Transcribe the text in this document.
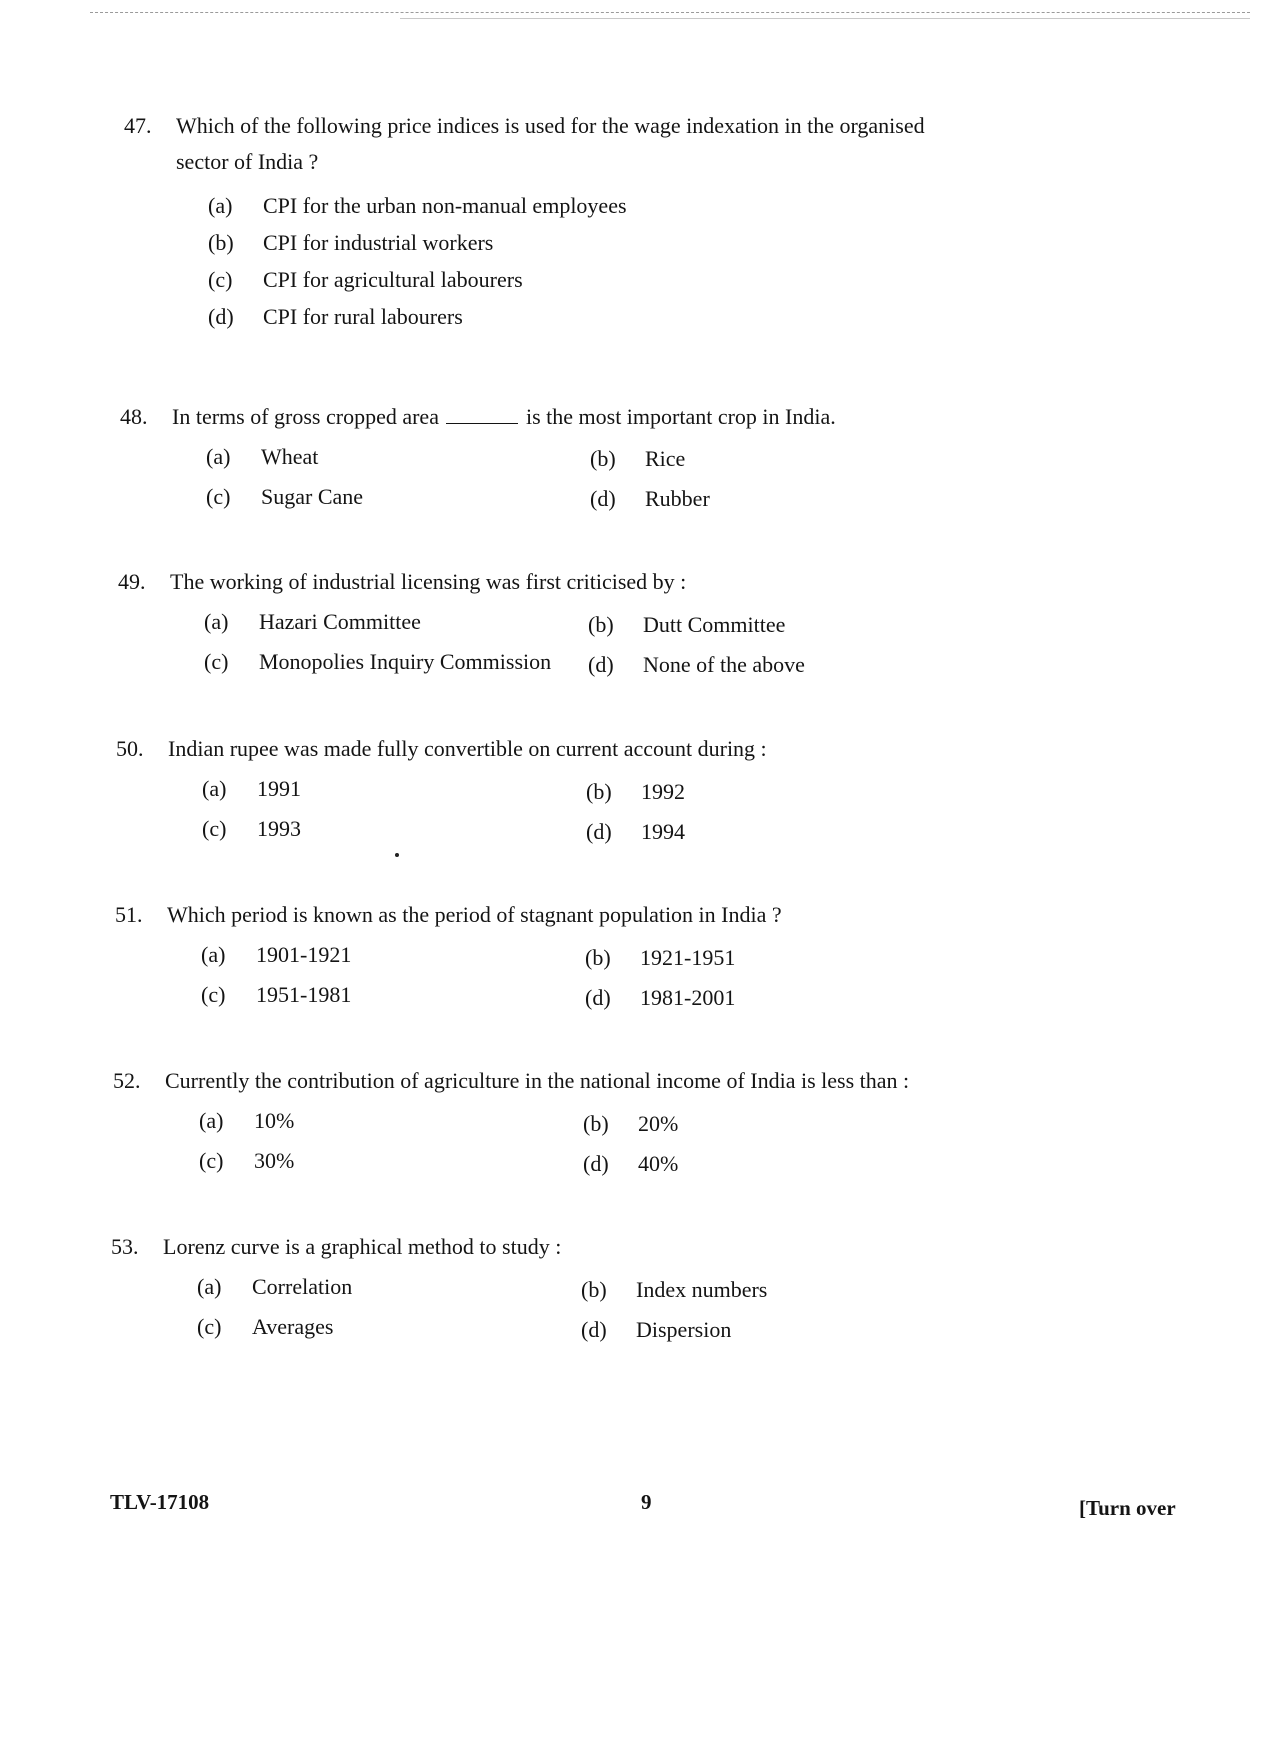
47.	Which of the following price indices is used for the wage indexation in the organised
sector of India ?
(a) CPI for the urban non-manual employees
(b) CPI for industrial workers
(c) CPI for agricultural labourers
(d) CPI for rural labourers
48.	In terms of gross cropped area	is the most important crop in India.
(a) Wheat	(b) Rice
(c) Sugar Cane	(d) Rubber
49.	The working of industrial licensing was first criticised by :
(a) Hazari Committee	(b) Dutt Committee
(c) Monopolies Inquiry Commission (d) None of the above
50.	Indian rupee was made fully convertible on current account during :
(a) 1991	(b) 1992
(c) 1993	(d) 1994
51.	Which period is known as the period of stagnant population in India ?
(a) 1901-1921	(b) 1921-1951
(c) 1951-1981	(d) 1981-2001
52.	Currently the contribution of agriculture in the national income of India is less than :
(a) 10%	(b) 20%
(c) 30%	(d) 40%
53.	Lorenz curve is a graphical method to study :
(a) Correlation	(b) Index numbers
(c) Averages	(d) Dispersion
TLV-17108	9	[Turn over
